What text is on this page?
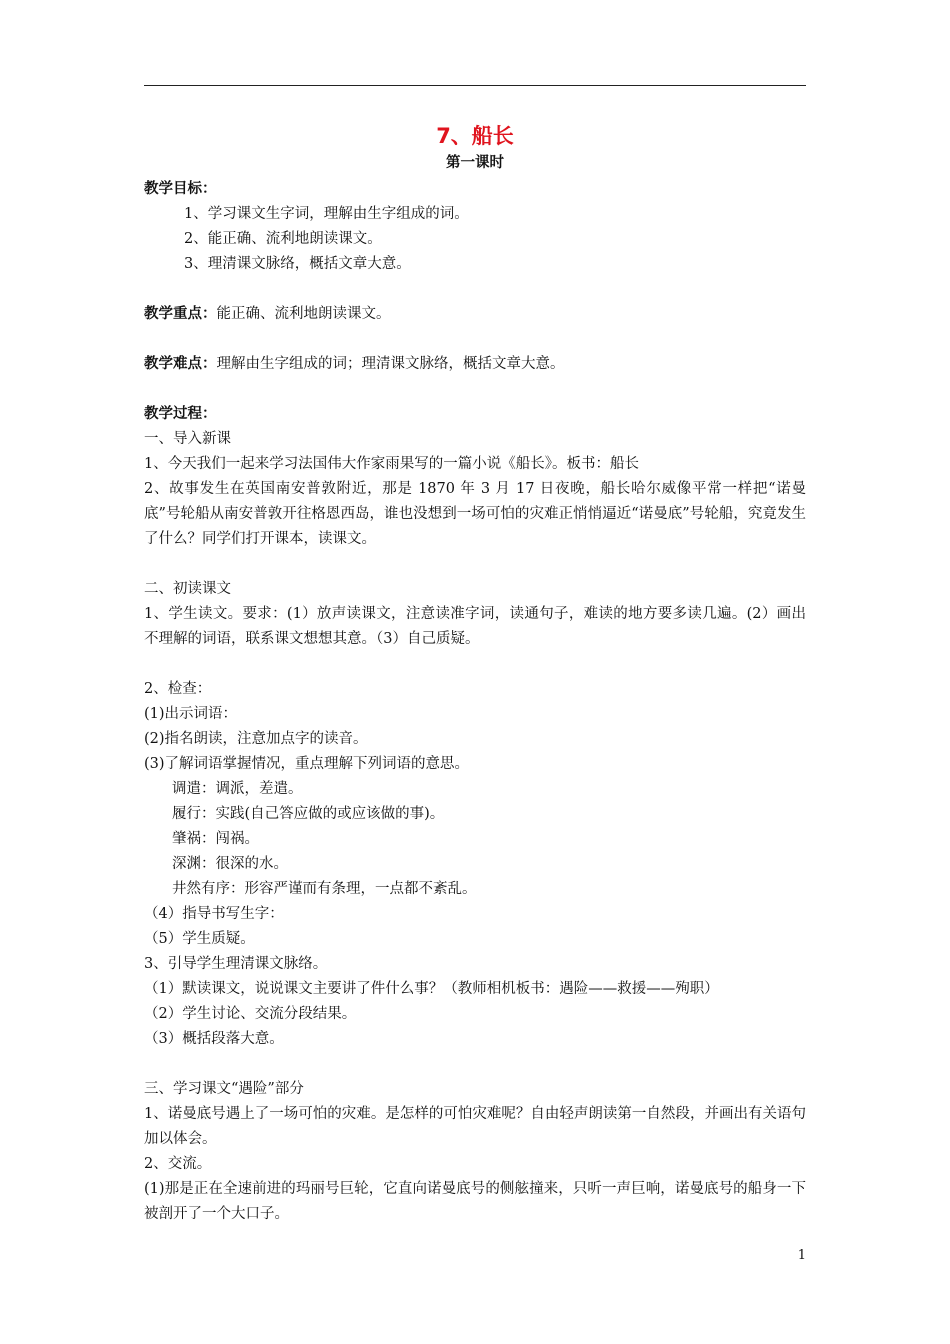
7、船长
第一课时

教学目标：

1、学习课文生字词，理解由生字组成的词。

2、能正确、流利地朗读课文。

3、理清课文脉络，概括文章大意。

教学重点：能正确、流利地朗读课文。

教学难点：理解由生字组成的词；理清课文脉络，概括文章大意。

教学过程：

一、导入新课

1、今天我们一起来学习法国伟大作家雨果写的一篇小说《船长》。板书：船长

2、故事发生在英国南安普敦附近，那是 1870 年 3 月 17 日夜晚，船长哈尔威像平常一样把“诺曼底”号轮船从南安普敦开往格恩西岛，谁也没想到一场可怕的灾难正悄悄逼近“诺曼底”号轮船，究竟发生了什么？同学们打开课本，读课文。

二、初读课文

1、学生读文。要求：(1）放声读课文，注意读准字词，读通句子，难读的地方要多读几遍。(2）画出不理解的词语，联系课文想想其意。（3）自己质疑。

2、检查：

(1)出示词语：

(2)指名朗读，注意加点字的读音。

(3)了解词语掌握情况，重点理解下列词语的意思。

调遣：调派，差遣。

履行：实践(自己答应做的或应该做的事)。

肇祸：闯祸。

深渊：很深的水。

井然有序：形容严谨而有条理，一点都不紊乱。

（4）指导书写生字：

（5）学生质疑。

3、引导学生理清课文脉络。

（1）默读课文，说说课文主要讲了件什么事？（教师相机板书：遇险——救援——殉职）

（2）学生讨论、交流分段结果。

（3）概括段落大意。

三、学习课文“遇险”部分

1、诺曼底号遇上了一场可怕的灾难。是怎样的可怕灾难呢？自由轻声朗读第一自然段，并画出有关语句加以体会。

2、交流。

(1)那是正在全速前进的玛丽号巨轮，它直向诺曼底号的侧舷撞来，只听一声巨响，诺曼底号的船身一下被剖开了一个大口子。

1
